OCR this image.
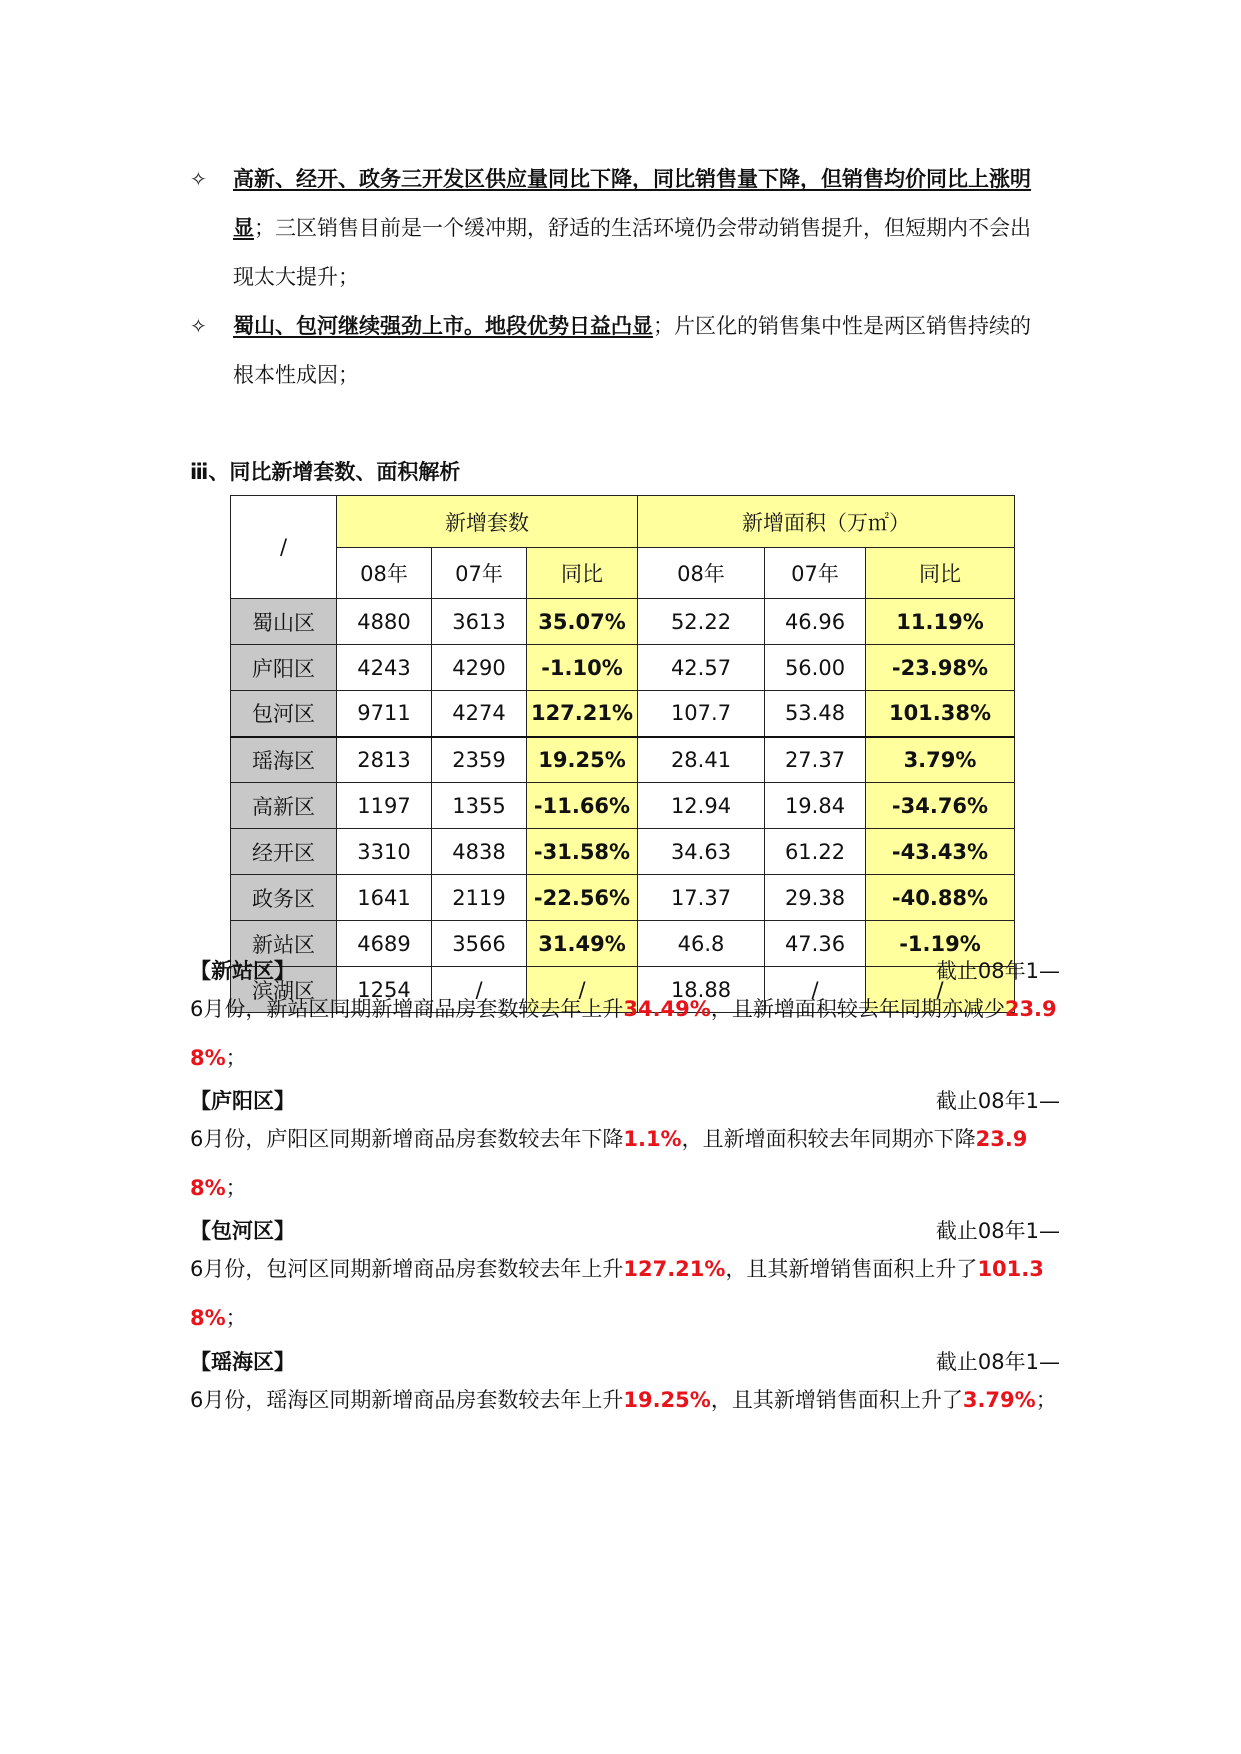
✧	高新、经开、政务三开发区供应量同比下降，同比销售量下降，但销售均价同比上涨明显；三区销售目前是一个缓冲期，舒适的生活环境仍会带动销售提升，但短期内不会出现太大提升；
✧	蜀山、包河继续强劲上市。地段优势日益凸显；片区化的销售集中性是两区销售持续的根本性成因；
ⅲ、同比新增套数、面积解析
/	新增套数			新增面积（万㎡）		
	08年	07年	同比	08年	07年	同比
蜀山区	4880	3613	35.07%	52.22	46.96	11.19%
庐阳区	4243	4290	-1.10%	42.57	56.00	-23.98%
包河区	9711	4274	127.21%	107.7	53.48	101.38%
瑶海区	2813	2359	19.25%	28.41	27.37	3.79%
高新区	1197	1355	-11.66%	12.94	19.84	-34.76%
经开区	3310	4838	-31.58%	34.63	61.22	-43.43%
政务区	1641	2119	-22.56%	17.37	29.38	-40.88%
新站区	4689	3566	31.49%	46.8	47.36	-1.19%
滨湖区	1254	/	/	18.88	/	/
【新站区】	截止08年1—
6月份，新站区同期新增商品房套数较去年上升34.49%，且新增面积较去年同期亦减少23.98%；
【庐阳区】	截止08年1—
6月份，庐阳区同期新增商品房套数较去年下降1.1%，且新增面积较去年同期亦下降23.98%；
【包河区】	截止08年1—
6月份，包河区同期新增商品房套数较去年上升127.21%，且其新增销售面积上升了101.38%；
【瑶海区】	截止08年1—
6月份，瑶海区同期新增商品房套数较去年上升19.25%，且其新增销售面积上升了3.79%；
